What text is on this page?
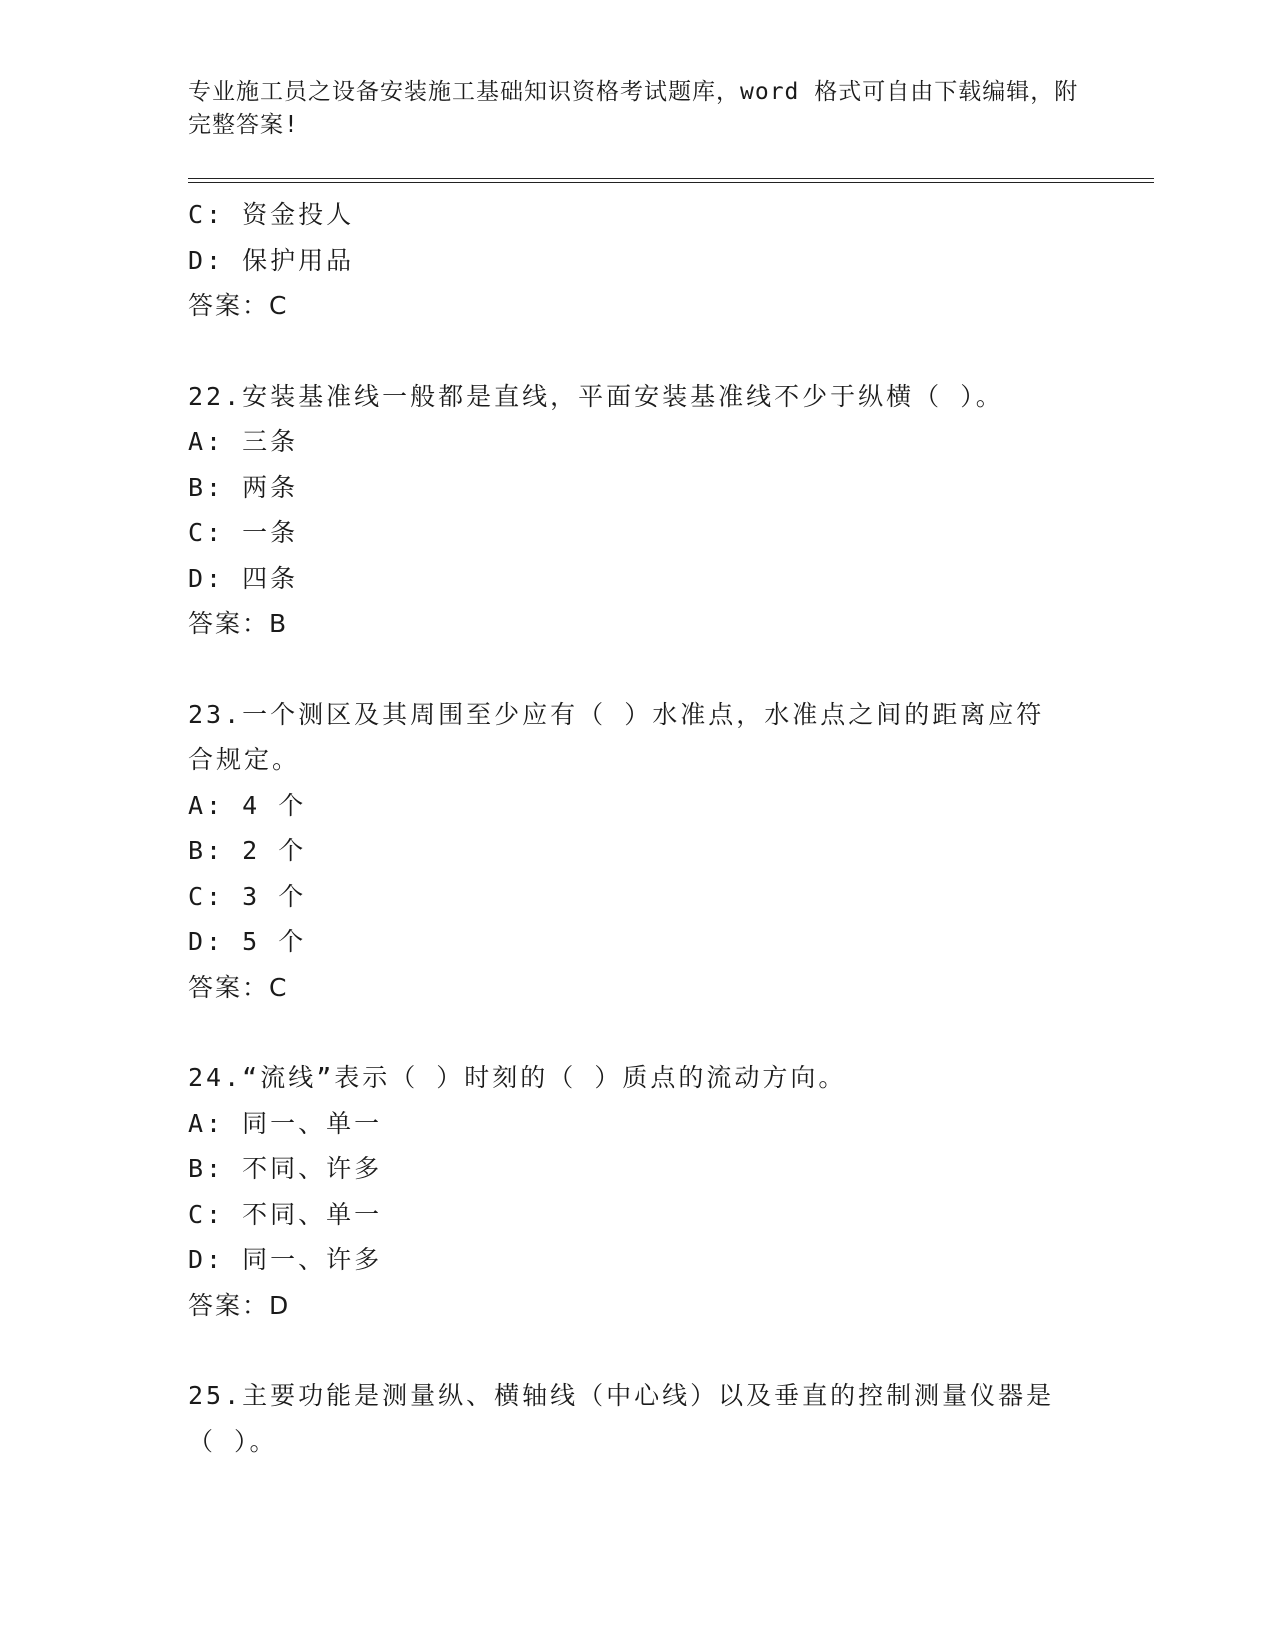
专业施工员之设备安装施工基础知识资格考试题库，word 格式可自由下载编辑，附完整答案!

C: 资金投人
D: 保护用品
答案：C
22.安装基准线一般都是直线，平面安装基准线不少于纵横（ ）。
A: 三条
B: 两条
C: 一条
D: 四条
答案：B
23.一个测区及其周围至少应有（ ）水准点，水准点之间的距离应符合规定。
A: 4 个
B: 2 个
C: 3 个
D: 5 个
答案：C
24.“流线”表示（ ）时刻的（ ）质点的流动方向。
A: 同一、单一
B: 不同、许多
C: 不同、单一
D: 同一、许多
答案：D
25.主要功能是测量纵、横轴线（中心线）以及垂直的控制测量仪器是（ ）。
